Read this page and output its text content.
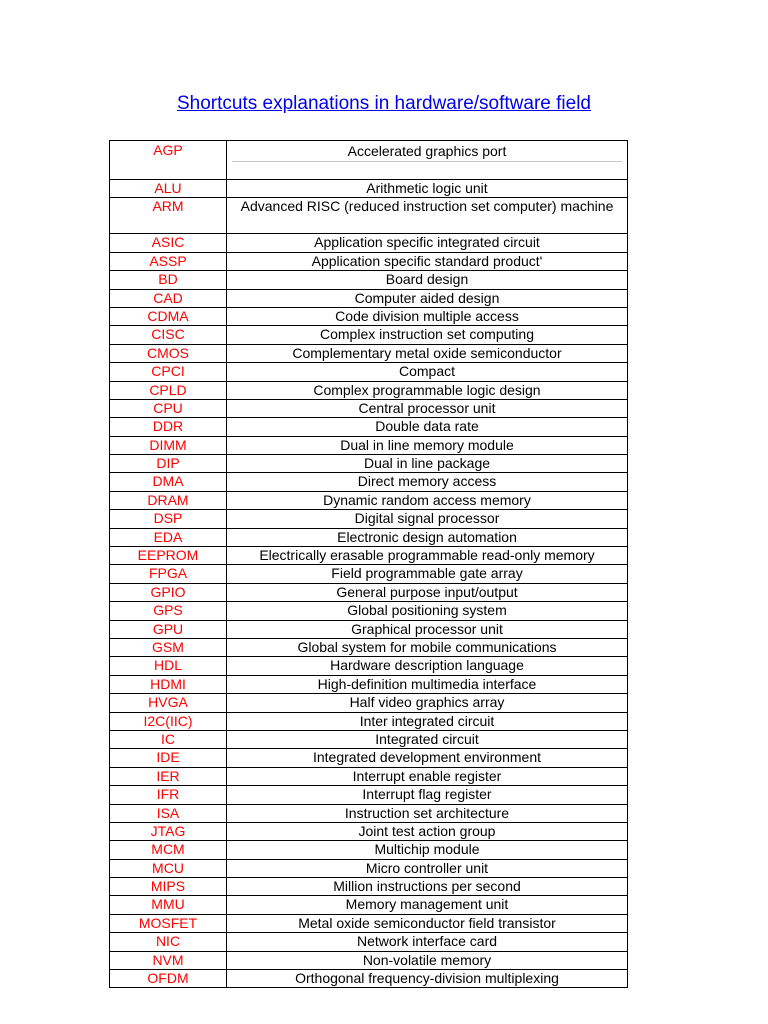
Shortcuts explanations in hardware/software field
AGP	Accelerated graphics port
ALU	Arithmetic logic unit
ARM	Advanced RISC (reduced instruction set computer) machine
ASIC	Application specific integrated circuit
ASSP	Application specific standard product'
BD	Board design
CAD	Computer aided design
CDMA	Code division multiple access
CISC	Complex instruction set computing
CMOS	Complementary metal oxide semiconductor
CPCI	Compact
CPLD	Complex programmable logic design
CPU	Central processor unit
DDR	Double data rate
DIMM	Dual in line memory module
DIP	Dual in line package
DMA	Direct memory access
DRAM	Dynamic random access memory
DSP	Digital signal processor
EDA	Electronic design automation
EEPROM	Electrically erasable programmable read-only memory
FPGA	Field programmable gate array
GPIO	General purpose input/output
GPS	Global positioning system
GPU	Graphical processor unit
GSM	Global system for mobile communications
HDL	Hardware description language
HDMI	High-definition multimedia interface
HVGA	Half video graphics array
I2C(IIC)	Inter integrated circuit
IC	Integrated circuit
IDE	Integrated development environment
IER	Interrupt enable register
IFR	Interrupt flag register
ISA	Instruction set architecture
JTAG	Joint test action group
MCM	Multichip module
MCU	Micro controller unit
MIPS	Million instructions per second
MMU	Memory management unit
MOSFET	Metal oxide semiconductor field transistor
NIC	Network interface card
NVM	Non-volatile memory
OFDM	Orthogonal frequency-division multiplexing
